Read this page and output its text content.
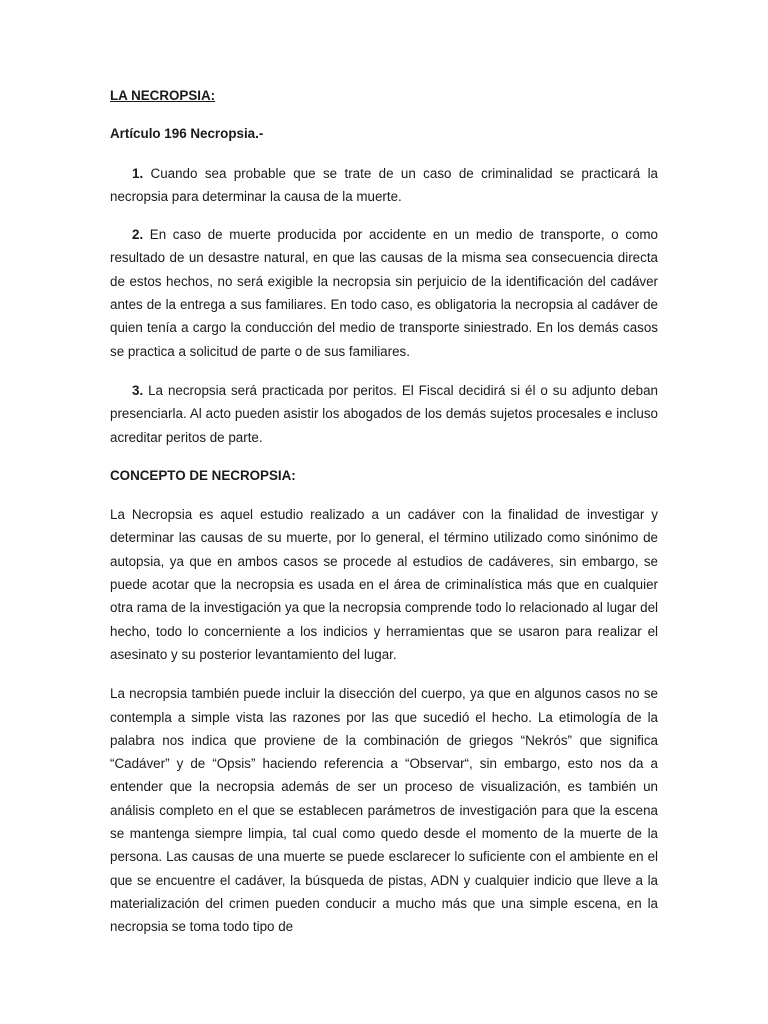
LA NECROPSIA:

Artículo 196 Necropsia.-

1. Cuando sea probable que se trate de un caso de criminalidad se practicará la necropsia para determinar la causa de la muerte.

2. En caso de muerte producida por accidente en un medio de transporte, o como resultado de un desastre natural, en que las causas de la misma sea consecuencia directa de estos hechos, no será exigible la necropsia sin perjuicio de la identificación del cadáver antes de la entrega a sus familiares. En todo caso, es obligatoria la necropsia al cadáver de quien tenía a cargo la conducción del medio de transporte siniestrado. En los demás casos se practica a solicitud de parte o de sus familiares.

3. La necropsia será practicada por peritos. El Fiscal decidirá si él o su adjunto deban presenciarla. Al acto pueden asistir los abogados de los demás sujetos procesales e incluso acreditar peritos de parte.

CONCEPTO DE NECROPSIA:

La Necropsia es aquel estudio realizado a un cadáver con la finalidad de investigar y determinar las causas de su muerte, por lo general, el término utilizado como sinónimo de autopsia, ya que en ambos casos se procede al estudios de cadáveres, sin embargo, se puede acotar que la necropsia es usada en el área de criminalística más que en cualquier otra rama de la investigación ya que la necropsia comprende todo lo relacionado al lugar del hecho, todo lo concerniente a los indicios y herramientas que se usaron para realizar el asesinato y su posterior levantamiento del lugar.

La necropsia también puede incluir la disección del cuerpo, ya que en algunos casos no se contempla a simple vista las razones por las que sucedió el hecho. La etimología de la palabra nos indica que proviene de la combinación de griegos “Nekrós” que significa “Cadáver” y de “Opsis” haciendo referencia a “Observar“, sin embargo, esto nos da a entender que la necropsia además de ser un proceso de visualización, es también un análisis completo en el que se establecen parámetros de investigación para que la escena se mantenga siempre limpia, tal cual como quedo desde el momento de la muerte de la persona. Las causas de una muerte se puede esclarecer lo suficiente con el ambiente en el que se encuentre el cadáver, la búsqueda de pistas, ADN y cualquier indicio que lleve a la materialización del crimen pueden conducir a mucho más que una simple escena, en la necropsia se toma todo tipo de
